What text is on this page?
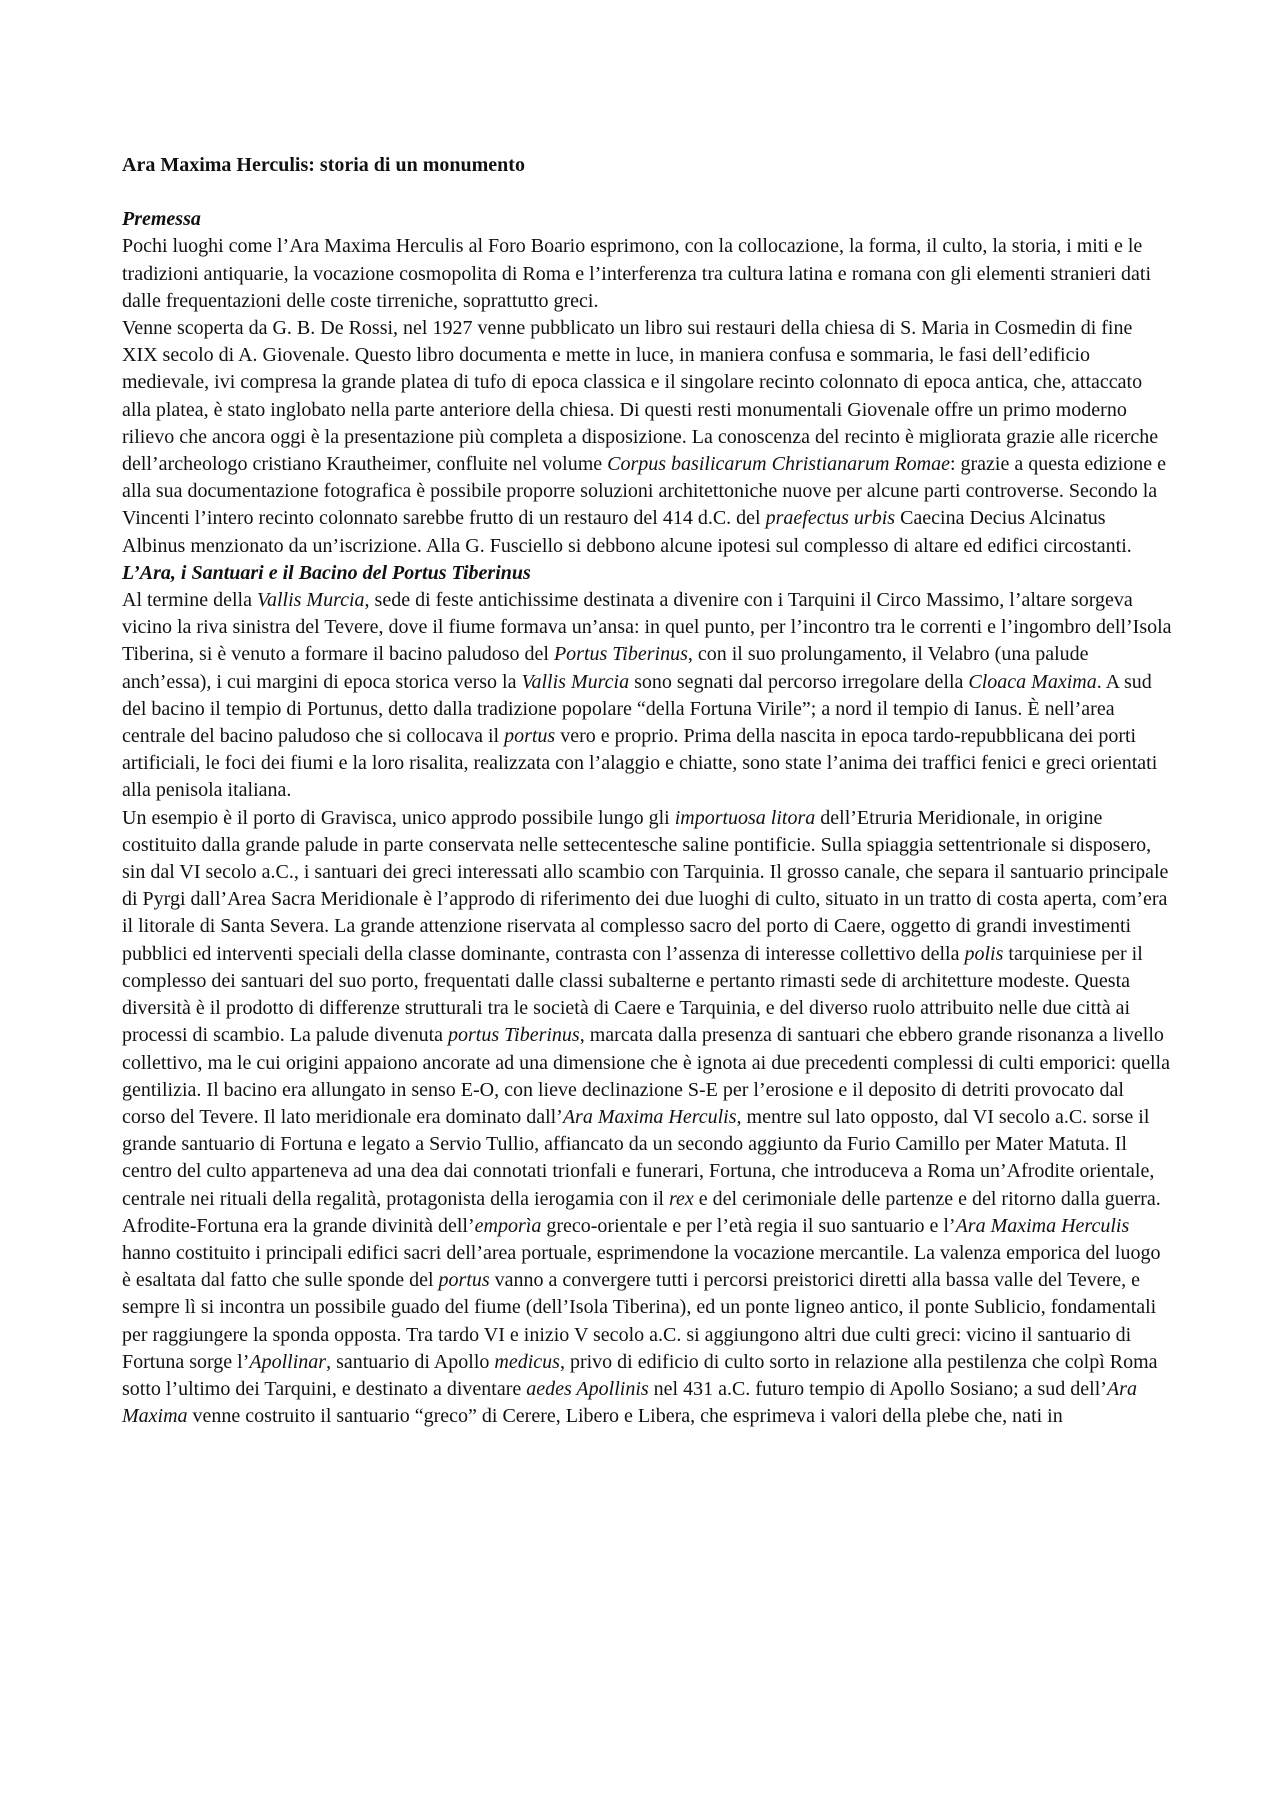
Ara Maxima Herculis: storia di un monumento
Premessa

Pochi luoghi come l’Ara Maxima Herculis al Foro Boario esprimono, con la collocazione, la forma, il culto, la storia, i miti e le tradizioni antiquarie, la vocazione cosmopolita di Roma e l’interferenza tra cultura latina e romana con gli elementi stranieri dati dalle frequentazioni delle coste tirreniche, soprattutto greci.

Venne scoperta da G. B. De Rossi, nel 1927 venne pubblicato un libro sui restauri della chiesa di S. Maria in Cosmedin di fine XIX secolo di A. Giovenale. Questo libro documenta e mette in luce, in maniera confusa e sommaria, le fasi dell’edificio medievale, ivi compresa la grande platea di tufo di epoca classica e il singolare recinto colonnato di epoca antica, che, attaccato alla platea, è stato inglobato nella parte anteriore della chiesa. Di questi resti monumentali Giovenale offre un primo moderno rilievo che ancora oggi è la presentazione più completa a disposizione. La conoscenza del recinto è migliorata grazie alle ricerche dell’archeologo cristiano Krautheimer, confluite nel volume Corpus basilicarum Christianarum Romae: grazie a questa edizione e alla sua documentazione fotografica è possibile proporre soluzioni architettoniche nuove per alcune parti controverse. Secondo la Vincenti l’intero recinto colonnato sarebbe frutto di un restauro del 414 d.C. del praefectus urbis Caecina Decius Alcinatus Albinus menzionato da un’iscrizione. Alla G. Fusciello si debbono alcune ipotesi sul complesso di altare ed edifici circostanti.

L’Ara, i Santuari e il Bacino del Portus Tiberinus

Al termine della Vallis Murcia, sede di feste antichissime destinata a divenire con i Tarquini il Circo Massimo, l’altare sorgeva vicino la riva sinistra del Tevere, dove il fiume formava un’ansa: in quel punto, per l’incontro tra le correnti e l’ingombro dell’Isola Tiberina, si è venuto a formare il bacino paludoso del Portus Tiberinus, con il suo prolungamento, il Velabro (una palude anch’essa), i cui margini di epoca storica verso la Vallis Murcia sono segnati dal percorso irregolare della Cloaca Maxima. A sud del bacino il tempio di Portunus, detto dalla tradizione popolare “della Fortuna Virile”; a nord il tempio di Ianus. È nell’area centrale del bacino paludoso che si collocava il portus vero e proprio. Prima della nascita in epoca tardo-repubblicana dei porti artificiali, le foci dei fiumi e la loro risalita, realizzata con l’alaggio e chiatte, sono state l’anima dei traffici fenici e greci orientati alla penisola italiana.

Un esempio è il porto di Gravisca, unico approdo possibile lungo gli importuosa litora dell’Etruria Meridionale, in origine costituito dalla grande palude in parte conservata nelle settecentesche saline pontificie. Sulla spiaggia settentrionale si disposero, sin dal VI secolo a.C., i santuari dei greci interessati allo scambio con Tarquinia. Il grosso canale, che separa il santuario principale di Pyrgi dall’Area Sacra Meridionale è l’approdo di riferimento dei due luoghi di culto, situato in un tratto di costa aperta, com’era il litorale di Santa Severa. La grande attenzione riservata al complesso sacro del porto di Caere, oggetto di grandi investimenti pubblici ed interventi speciali della classe dominante, contrasta con l’assenza di interesse collettivo della polis tarquiniese per il complesso dei santuari del suo porto, frequentati dalle classi subalterne e pertanto rimasti sede di architetture modeste. Questa diversità è il prodotto di differenze strutturali tra le società di Caere e Tarquinia, e del diverso ruolo attribuito nelle due città ai processi di scambio. La palude divenuta portus Tiberinus, marcata dalla presenza di santuari che ebbero grande risonanza a livello collettivo, ma le cui origini appaiono ancorate ad una dimensione che è ignota ai due precedenti complessi di culti emporici: quella gentilizia. Il bacino era allungato in senso E-O, con lieve declinazione S-E per l’erosione e il deposito di detriti provocato dal corso del Tevere. Il lato meridionale era dominato dall’Ara Maxima Herculis, mentre sul lato opposto, dal VI secolo a.C. sorse il grande santuario di Fortuna e legato a Servio Tullio, affiancato da un secondo aggiunto da Furio Camillo per Mater Matuta. Il centro del culto apparteneva ad una dea dai connotati trionfali e funerari, Fortuna, che introduceva a Roma un’Afrodite orientale, centrale nei rituali della regalità, protagonista della ierogamia con il rex e del cerimoniale delle partenze e del ritorno dalla guerra. Afrodite-Fortuna era la grande divinità dell’emporìa greco-orientale e per l’età regia il suo santuario e l’Ara Maxima Herculis hanno costituito i principali edifici sacri dell’area portuale, esprimendone la vocazione mercantile. La valenza emporica del luogo è esaltata dal fatto che sulle sponde del portus vanno a convergere tutti i percorsi preistorici diretti alla bassa valle del Tevere, e sempre lì si incontra un possibile guado del fiume (dell’Isola Tiberina), ed un ponte ligneo antico, il ponte Sublicio, fondamentali per raggiungere la sponda opposta. Tra tardo VI e inizio V secolo a.C. si aggiungono altri due culti greci: vicino il santuario di Fortuna sorge l’Apollinar, santuario di Apollo medicus, privo di edificio di culto sorto in relazione alla pestilenza che colpì Roma sotto l’ultimo dei Tarquini, e destinato a diventare aedes Apollinis nel 431 a.C. futuro tempio di Apollo Sosiano; a sud dell’Ara Maxima venne costruito il santuario “greco” di Cerere, Libero e Libera, che esprimeva i valori della plebe che, nati in
